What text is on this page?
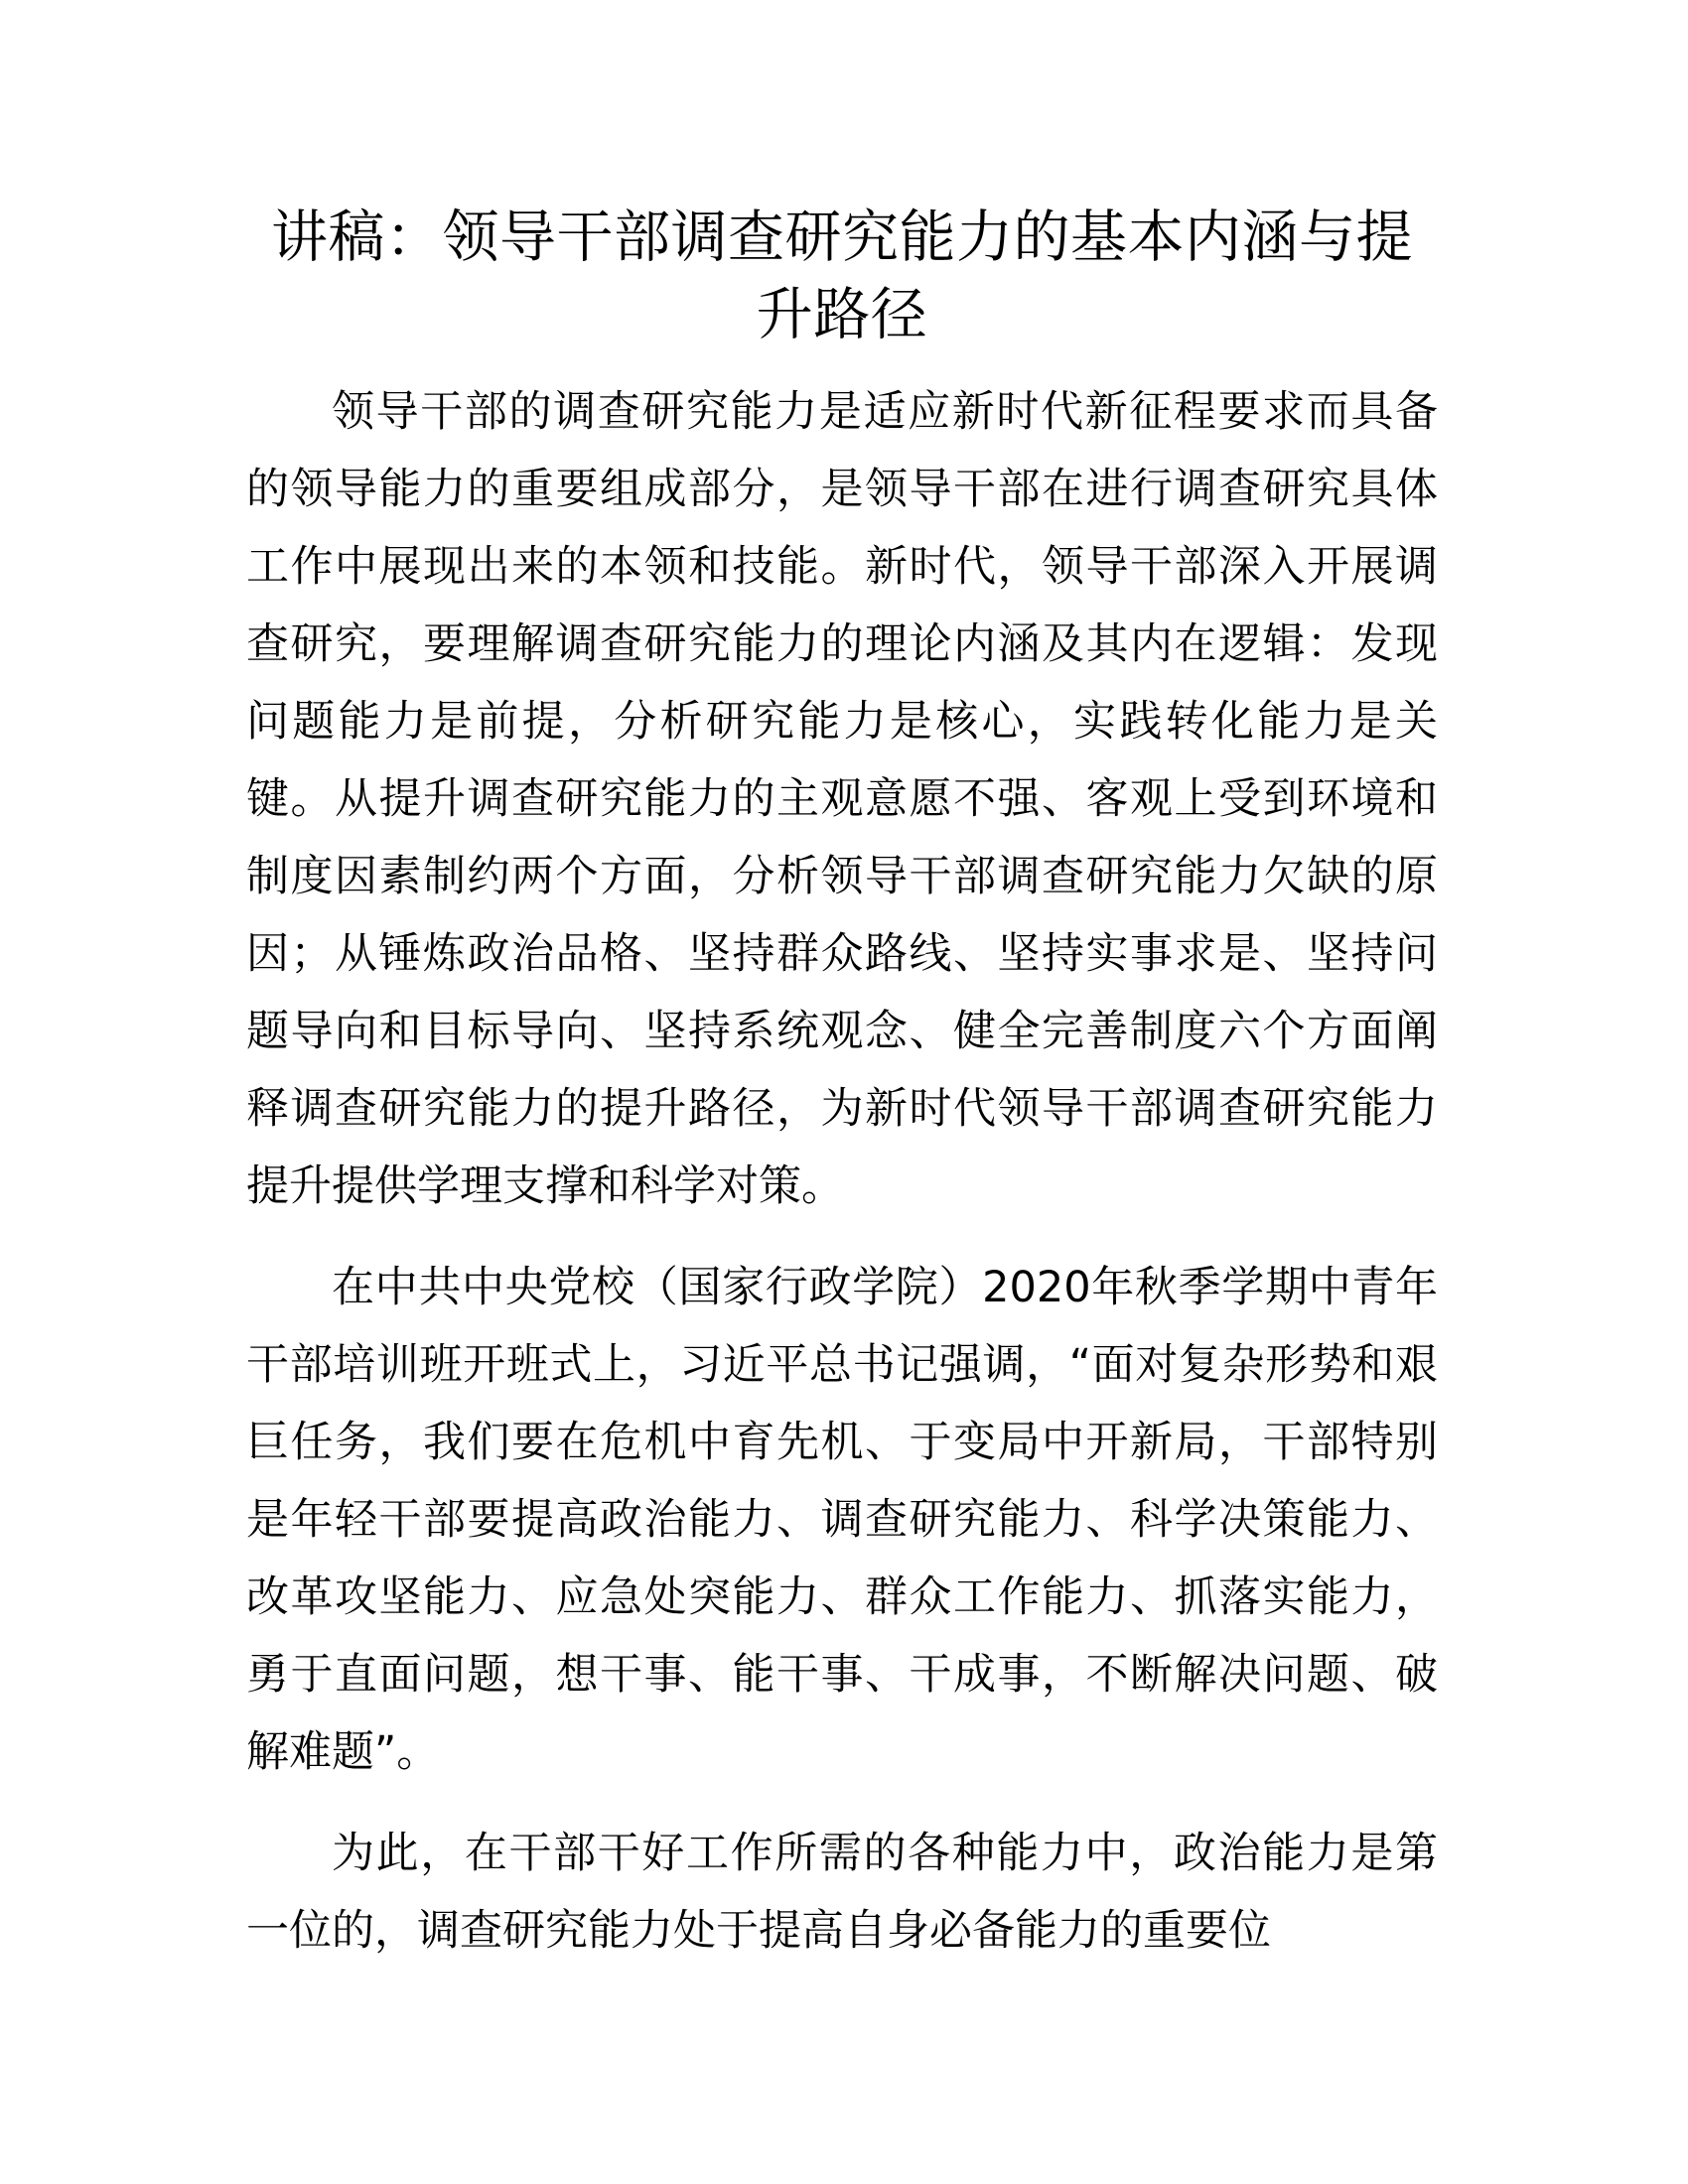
讲稿：领导干部调查研究能力的基本内涵与提升路径

领导干部的调查研究能力是适应新时代新征程要求而具备的领导能力的重要组成部分，是领导干部在进行调查研究具体工作中展现出来的本领和技能。新时代，领导干部深入开展调查研究，要理解调查研究能力的理论内涵及其内在逻辑：发现问题能力是前提，分析研究能力是核心，实践转化能力是关键。从提升调查研究能力的主观意愿不强、客观上受到环境和制度因素制约两个方面，分析领导干部调查研究能力欠缺的原因；从锤炼政治品格、坚持群众路线、坚持实事求是、坚持问题导向和目标导向、坚持系统观念、健全完善制度六个方面阐释调查研究能力的提升路径，为新时代领导干部调查研究能力提升提供学理支撑和科学对策。

在中共中央党校（国家行政学院）2020年秋季学期中青年干部培训班开班式上，习近平总书记强调，“面对复杂形势和艰巨任务，我们要在危机中育先机、于变局中开新局，干部特别是年轻干部要提高政治能力、调查研究能力、科学决策能力、改革攻坚能力、应急处突能力、群众工作能力、抓落实能力，勇于直面问题，想干事、能干事、干成事，不断解决问题、破解难题”。

为此，在干部干好工作所需的各种能力中，政治能力是第一位的，调查研究能力处于提高自身必备能力的重要位
